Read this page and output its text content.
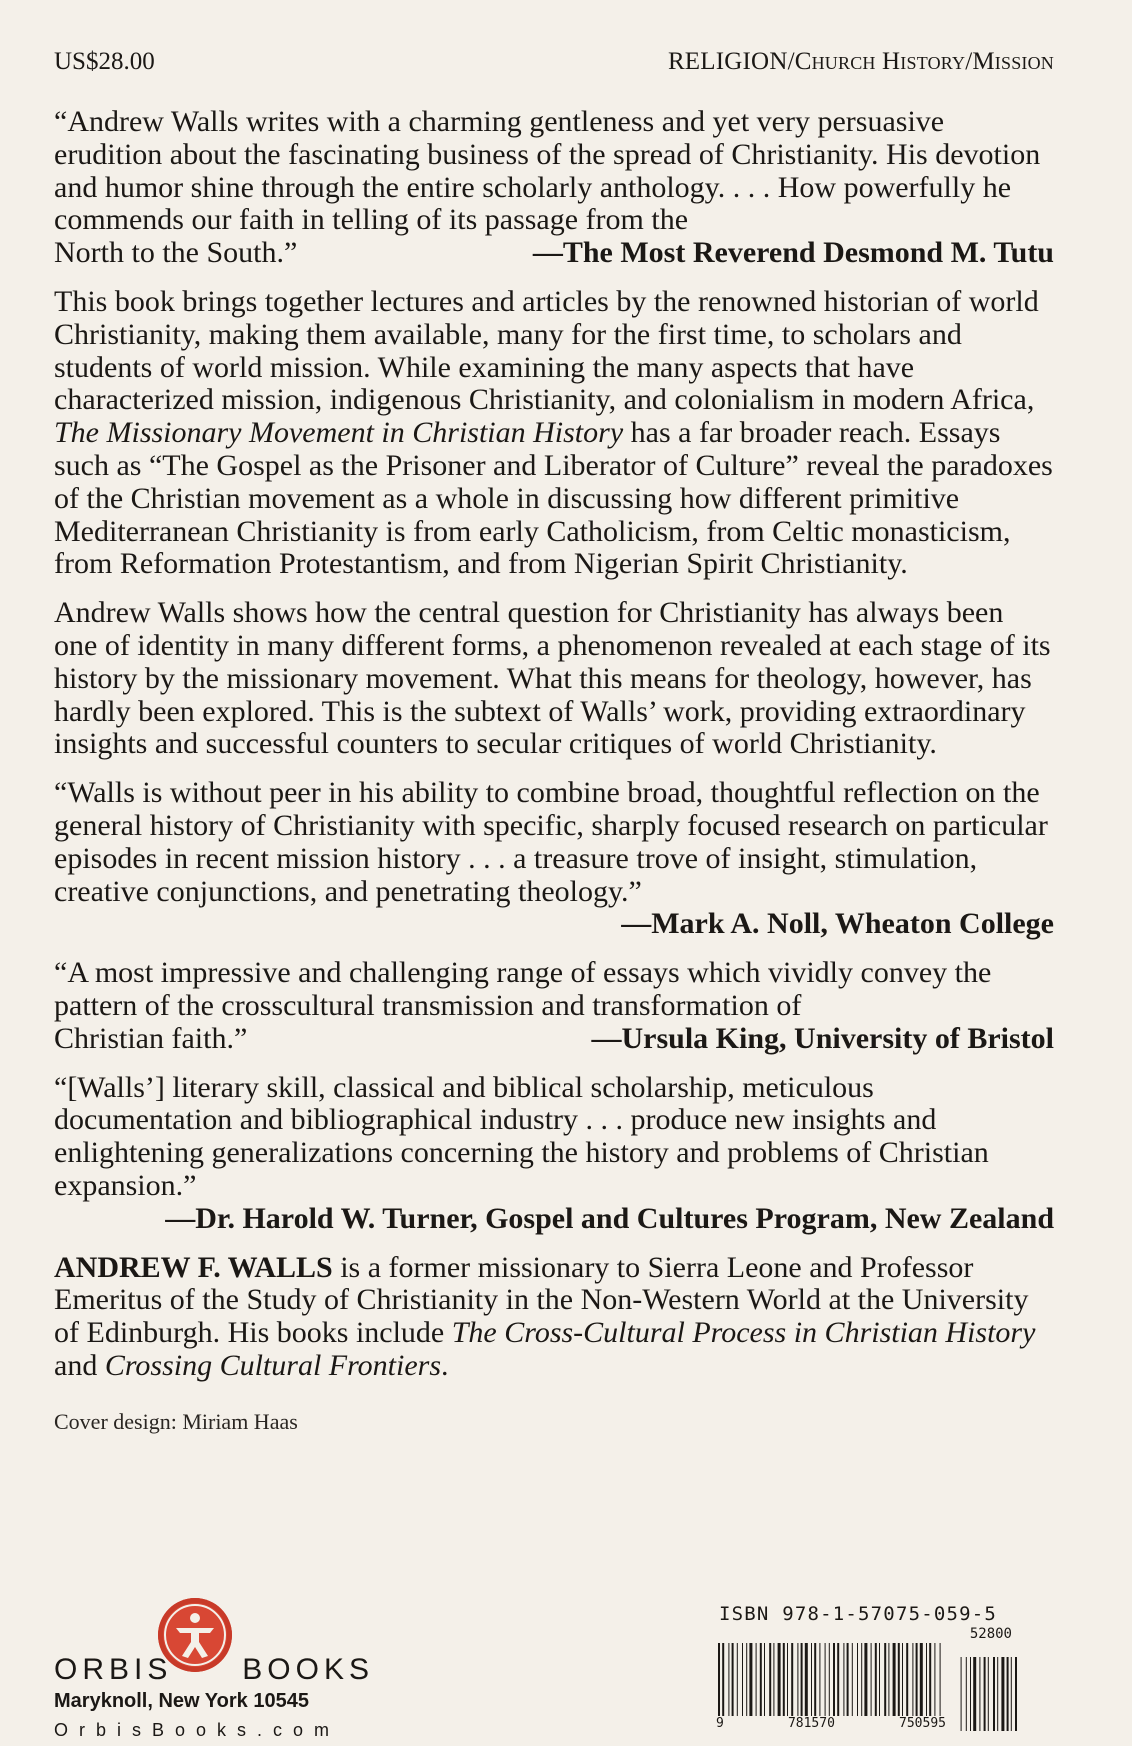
US$28.00	RELIGION/Church History/Mission

“Andrew Walls writes with a charming gentleness and yet very persuasive erudition about the fascinating business of the spread of Christianity. His devotion and humor shine through the entire scholarly anthology. . . . How powerfully he commends our faith in telling of its passage from the

North to the South.”	—The Most Reverend Desmond M. Tutu

This book brings together lectures and articles by the renowned historian of world Christianity, making them available, many for the first time, to scholars and students of world mission. While examining the many aspects that have characterized mission, indigenous Christianity, and colonialism in modern Africa, The Missionary Movement in Christian History has a far broader reach. Essays such as “The Gospel as the Prisoner and Liberator of Culture” reveal the paradoxes of the Christian movement as a whole in discussing how different primitive Mediterranean Christianity is from early Catholicism, from Celtic monasticism, from Reformation Protestantism, and from Nigerian Spirit Christianity.

Andrew Walls shows how the central question for Christianity has always been one of identity in many different forms, a phenomenon revealed at each stage of its history by the missionary movement. What this means for theology, however, has hardly been explored. This is the subtext of Walls’ work, providing extraordinary insights and successful counters to secular critiques of world Christianity.

“Walls is without peer in his ability to combine broad, thoughtful reflection on the general history of Christianity with specific, sharply focused research on particular episodes in recent mission history . . . a treasure trove of insight, stimulation, creative conjunctions, and penetrating theology.”

—Mark A. Noll, Wheaton College

“A most impressive and challenging range of essays which vividly convey the pattern of the crosscultural transmission and transformation of

Christian faith.”	—Ursula King, University of Bristol

“[Walls’] literary skill, classical and biblical scholarship, meticulous documentation and bibliographical industry . . . produce new insights and enlightening generalizations concerning the history and problems of Christian expansion.”

—Dr. Harold W. Turner, Gospel and Cultures Program, New Zealand

ANDREW F. WALLS is a former missionary to Sierra Leone and Professor Emeritus of the Study of Christianity in the Non-Western World at the University of Edinburgh. His books include The Cross-Cultural Process in Christian History and Crossing Cultural Frontiers.

Cover design: Miriam Haas
ORBIS BOOKS
Maryknoll, New York 10545
OrbisBooks.com
ISBN 978-1-57075-059-5
52800
9	781570	750595
